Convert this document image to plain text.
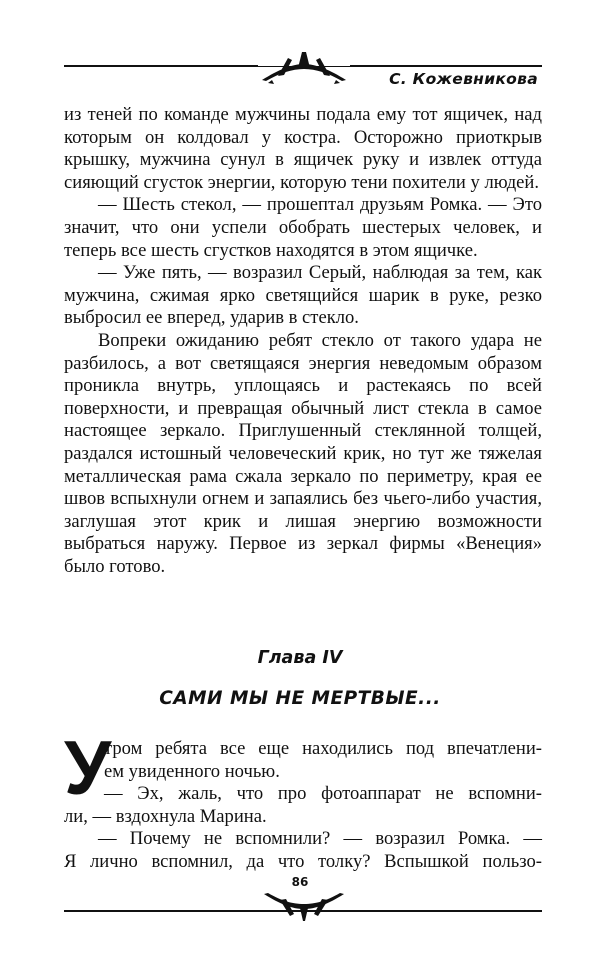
С. Кожевникова

из теней по команде мужчины подала ему тот ящичек, над которым он колдовал у костра. Осторожно приоткрыв крышку, мужчина сунул в ящичек руку и извлек оттуда сияющий сгусток энергии, которую тени похители у людей.

— Шесть стекол, — прошептал друзьям Ромка. — Это значит, что они успели обобрать шестерых человек, и теперь все шесть сгустков находятся в этом ящичке.

— Уже пять, — возразил Серый, наблюдая за тем, как мужчина, сжимая ярко светящийся шарик в руке, резко выбросил ее вперед, ударив в стекло.

Вопреки ожиданию ребят стекло от такого удара не разбилось, а вот светящаяся энергия неведомым образом проникла внутрь, уплощаясь и растекаясь по всей поверхности, и превращая обычный лист стекла в самое настоящее зеркало. Приглушенный стеклянной толщей, раздался истошный человеческий крик, но тут же тяжелая металлическая рама сжала зеркало по периметру, края ее швов вспыхнули огнем и запаялись без чьего-либо участия, заглушая этот крик и лишая энергию возможности выбраться наружу. Первое из зеркал фирмы «Венеция» было готово.

Глава IV
САМИ МЫ НЕ МЕРТВЫЕ...
У
тром ребята все еще находились под впечатлени-
ем увиденного ночью.
— Эх, жаль, что про фотоаппарат не вспомни-
ли, — вздохнула Марина.
— Почему не вспомнили? — возразил Ромка. —
Я лично вспомнил, да что толку? Вспышкой пользо-
86
